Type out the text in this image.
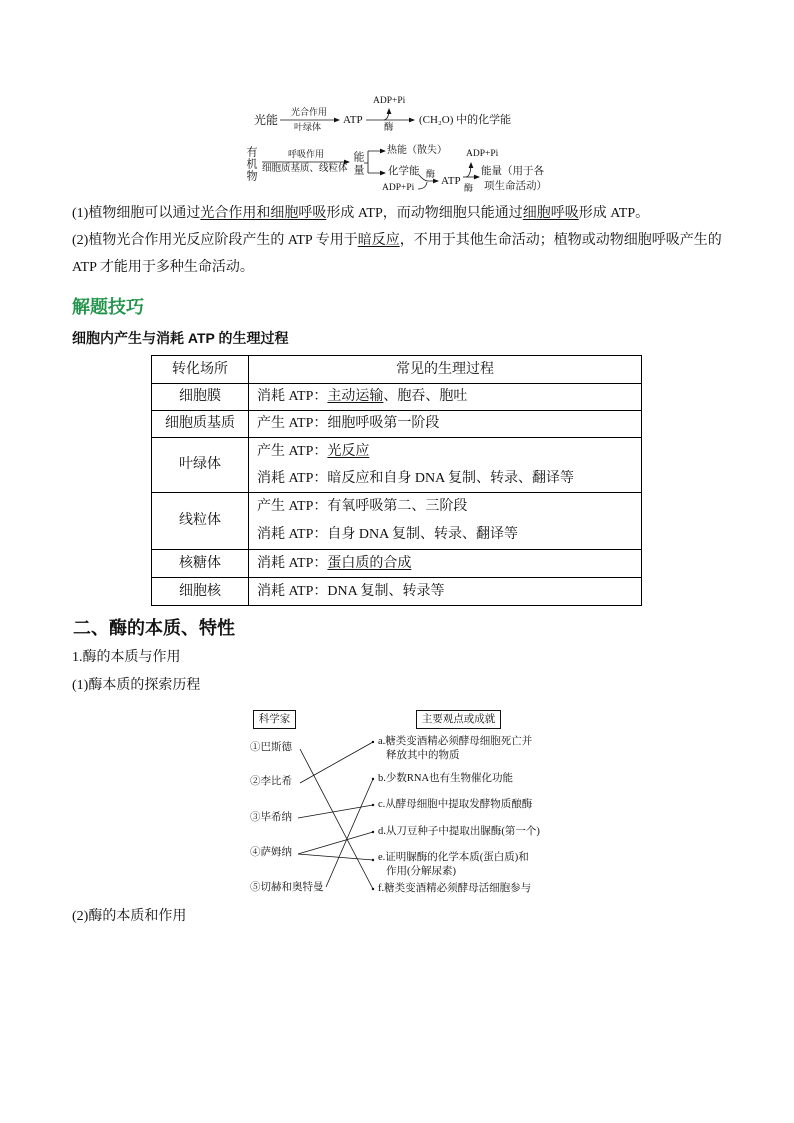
光能
光合作用
叶绿体
ATP
ADP+Pi
酶
(CH₂O) 中的化学能
有机物	呼吸作用
细胞质基质、线粒体 能量
热能（散失）
化学能
ADP+Pi
酶
ATP
ADP+Pi
酶
能量（用于各
项生命活动）
(1)植物细胞可以通过光合作用和细胞呼吸形成 ATP，而动物细胞只能通过细胞呼吸形成 ATP。
(2)植物光合作用光反应阶段产生的 ATP 专用于暗反应，不用于其他生命活动；植物或动物细胞呼吸产生的
ATP 才能用于多种生命活动。
解题技巧
细胞内产生与消耗 ATP 的生理过程
转化场所	常见的生理过程
细胞膜	消耗 ATP：主动运输、胞吞、胞吐
细胞质基质	产生 ATP：细胞呼吸第一阶段
叶绿体	产生 ATP：光反应
消耗 ATP：暗反应和自身 DNA 复制、转录、翻译等

线粒体	产生 ATP：有氧呼吸第二、三阶段
消耗 ATP：自身 DNA 复制、转录、翻译等

核糖体	消耗 ATP：蛋白质的合成
细胞核	消耗 ATP：DNA 复制、转录等
二、酶的本质、特性
1.酶的本质与作用
(1)酶本质的探索历程
科学家	主要观点或成就
①巴斯德
②李比希
③毕希纳
④萨姆纳
⑤切赫和奥特曼
a.糖类变酒精必须酵母细胞死亡并
释放其中的物质
b.少数RNA也有生物催化功能
c.从酵母细胞中提取发酵物质酿酶
d.从刀豆种子中提取出脲酶(第一个)
e.证明脲酶的化学本质(蛋白质)和
作用(分解尿素)
f.糖类变酒精必须酵母活细胞参与
(2)酶的本质和作用
